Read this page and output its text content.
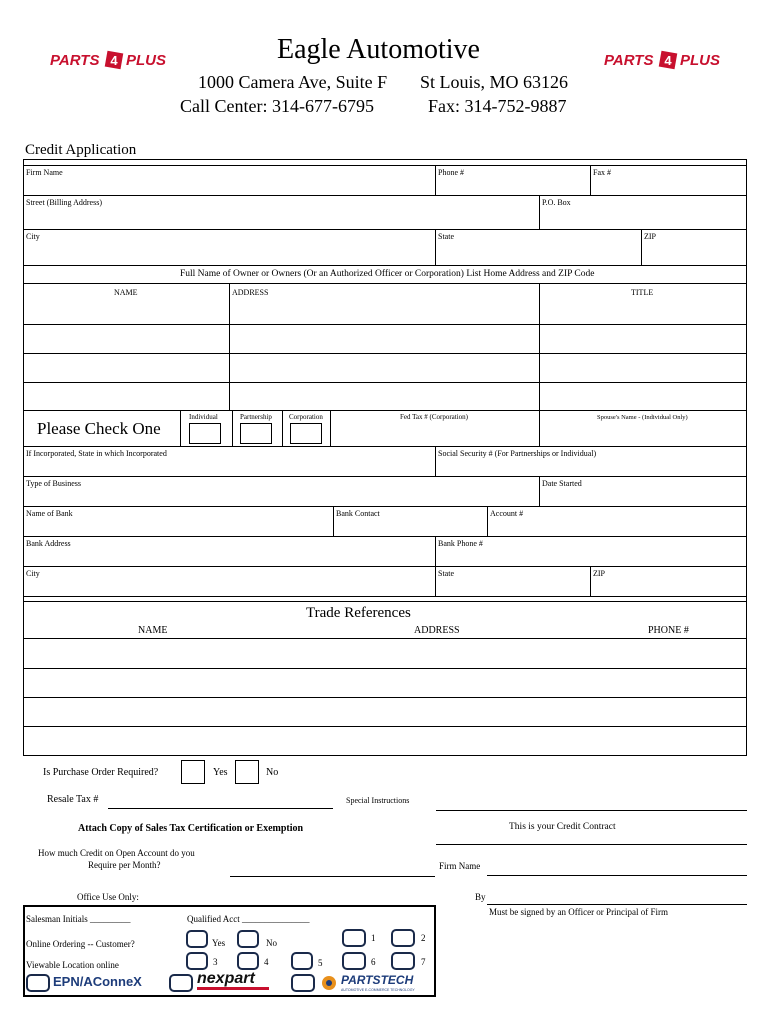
PARTS 4 PLUS	PARTS 4 PLUS
Eagle Automotive
1000 Camera Ave, Suite F St Louis, MO 63126
Call Center: 314-677-6795	Fax: 314-752-9887
Credit Application
Firm Name	Phone #	Fax #
Street (Billing Address)	P.O. Box
City	State	ZIP
Full Name of Owner or Owners (Or an Authorized Officer or Corporation) List Home Address and ZIP Code
NAME	ADDRESS	TITLE
Please Check One
Individual	Partnership Corporation	Fed Tax # (Corporation)	Spouse's Name - (Individual Only)
If Incorporated, State in which Incorporated	Social Security # (For Partnerships or Individual)
Type of Business	Date Started
Name of Bank	Bank Contact	Account #
Bank Address	Bank Phone #
City	State	ZIP
Trade References
NAME	ADDRESS	PHONE #
Is Purchase Order Required?	Yes	No
Resale Tax #	Special Instructions
Attach Copy of Sales Tax Certification or Exemption	This is your Credit Contract
How much Credit on Open Account do you
Require per Month?	Firm Name
Office Use Only:	By
Must be signed by an Officer or Principal of Firm
Salesman Initials _________	Qualified Acct _______________
Online Ordering -- Customer?	Yes	No	1	2
Viewable Location online	3	4	5	6	7
EPN/AConneX	nexpart	PARTSTECH
AUTOMOTIVE E-COMMERCE TECHNOLOGY
